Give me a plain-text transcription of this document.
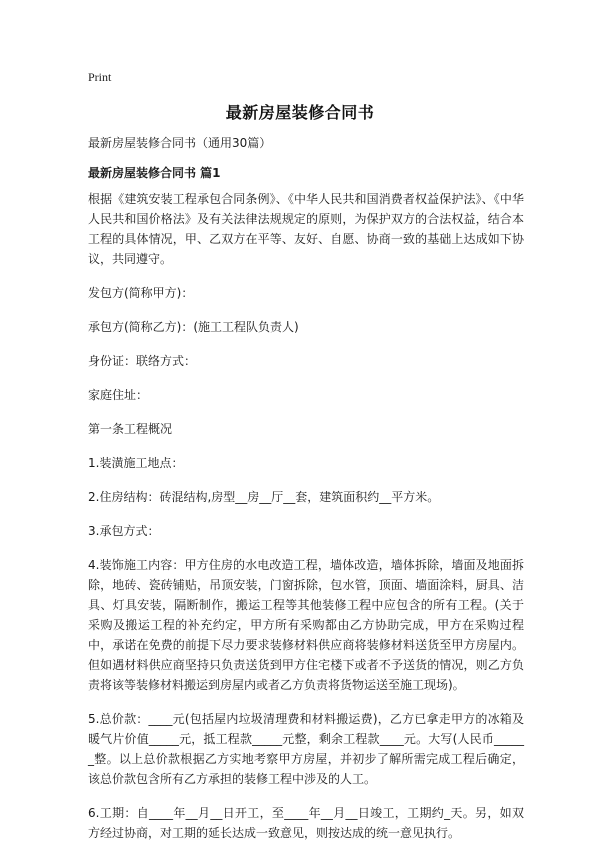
Print
最新房屋装修合同书

最新房屋装修合同书（通用30篇）

最新房屋装修合同书 篇1

根据《建筑安装工程承包合同条例》、《中华人民共和国消费者权益保护法》、《中华人民共和国价格法》及有关法律法规规定的原则，为保护双方的合法权益，结合本工程的具体情况，甲、乙双方在平等、友好、自愿、协商一致的基础上达成如下协议，共同遵守。

发包方(简称甲方)：

承包方(简称乙方)：(施工工程队负责人)

身份证：联络方式：

家庭住址：

第一条工程概况

1.装潢施工地点：

2.住房结构：砖混结构,房型__房__厅__套，建筑面积约__平方米。

3.承包方式：

4.装饰施工内容：甲方住房的水电改造工程，墙体改造，墙体拆除，墙面及地面拆除，地砖、瓷砖铺贴，吊顶安装，门窗拆除，包水管，顶面、墙面涂料，厨具、洁具、灯具安装，隔断制作，搬运工程等其他装修工程中应包含的所有工程。(关于采购及搬运工程的补充约定，甲方所有采购都由乙方协助完成，甲方在采购过程中，承诺在免费的前提下尽力要求装修材料供应商将装修材料送货至甲方房屋内。但如遇材料供应商坚持只负责送货到甲方住宅楼下或者不予送货的情况，则乙方负责将该等装修材料搬运到房屋内或者乙方负责将货物运送至施工现场)。

5.总价款：____元(包括屋内垃圾清理费和材料搬运费)，乙方已拿走甲方的冰箱及暖气片价值_____元，抵工程款_____元整，剩余工程款____元。大写(人民币______整。以上总价款根据乙方实地考察甲方房屋，并初步了解所需完成工程后确定，该总价款包含所有乙方承担的装修工程中涉及的人工。

6.工期：自____年__月__日开工，至____年__月__日竣工，工期约_天。另，如双方经过协商，对工期的延长达成一致意见，则按达成的统一意见执行。
